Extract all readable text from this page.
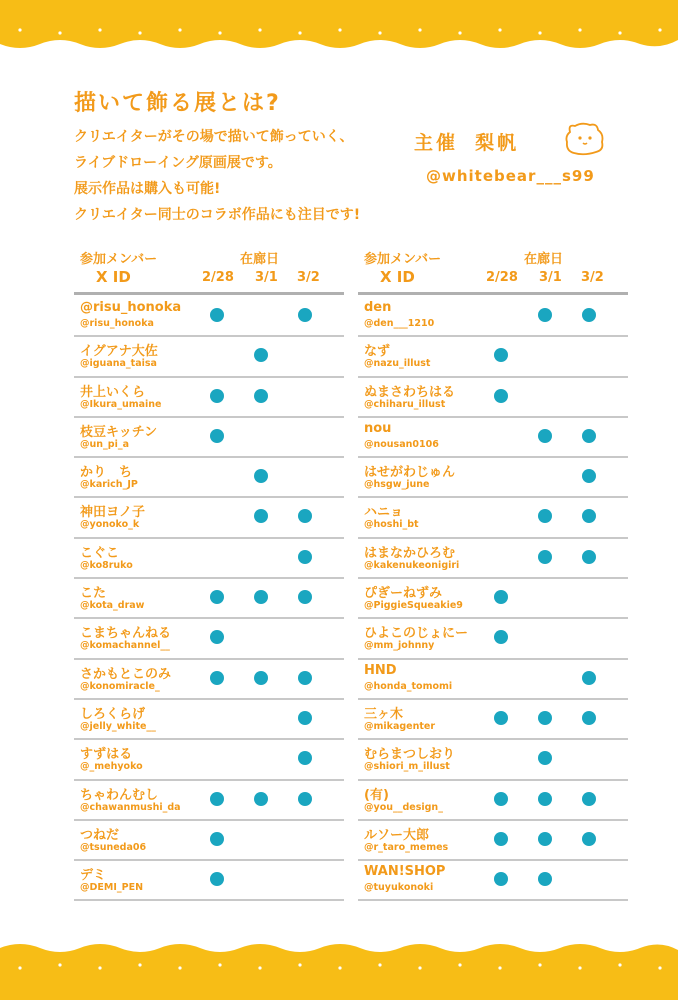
描いて飾る展とは?
クリエイターがその場で描いて飾っていく、
ライブドローイング原画展です。
展示作品は購入も可能!
クリエイター同士のコラボ作品にも注目です!
主催 梨帆
@whitebear___s99
参加メンバー
X ID
在廊日
2/28 3/1 3/2
@risu_honoka
@risu_honoka
イグアナ大佐
@iguana_taisa
井上いくら
@Ikura_umaine
枝豆キッチン
@un_pi_a
かり　ち
@karich_JP
神田ヨノ子
@yonoko_k
こぐこ
@ko8ruko
こた
@kota_draw
こまちゃんねる
@komachannel__
さかもとこのみ
@konomiracle_
しろくらげ
@jelly_white__
すずはる
@_mehyoko
ちゃわんむし
@chawanmushi_da
つねだ
@tsuneda06
デミ
@DEMI_PEN
参加メンバー
X ID
在廊日
2/28 3/1 3/2
den
@den___1210
なず
@nazu_illust
ぬまさわちはる
@chiharu_illust
nou
@nousan0106
はせがわじゅん
@hsgw_june
ハニョ
@hoshi_bt
はまなかひろむ
@kakenukeonigiri
ぴぎーねずみ
@PiggieSqueakie9
ひよこのじょにー
@mm_johnny
HND
@honda_tomomi
三ヶ木
@mikagenter
むらまつしおり
@shiori_m_illust
(有)
@you__design_
ルソー大郎
@r_taro_memes
WAN!SHOP
@tuyukonoki
